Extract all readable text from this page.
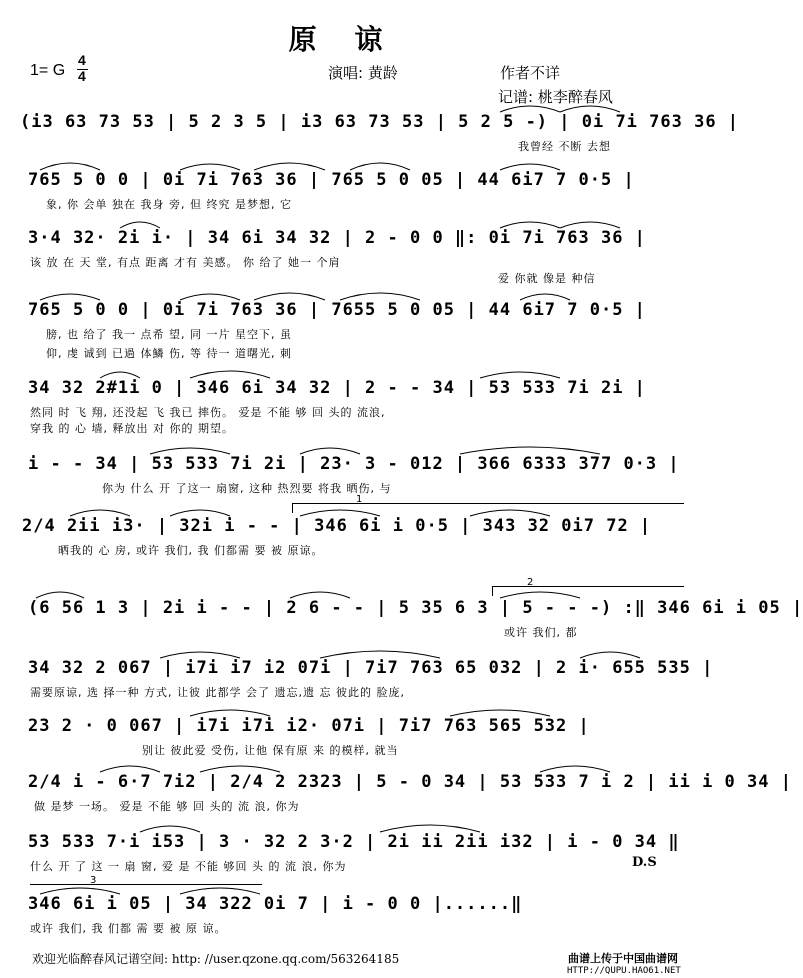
原 谅
1= G
4
4	演唱: 黄龄	作者不详
记谱: 桃李醉春风
(i3 63 73 53 | 5 2 3 5 | i3 63 73 53 | 5 2 5 -) | 0i 7i 763 36 |
我曾经 不断 去想
765 5 0 0 | 0i 7i 763 36 | 765 5 0 05 | 44 6i7 7 0·5 |
象, 你 会单 独在 我身 旁, 但 终究 是梦想, 它
3·4 32· 2i i· | 34 6i 34 32 | 2 - 0 0 ‖: 0i 7i 763 36 |
该 放 在 天 堂, 有点 距离 才有 美感。 你 给了 她一 个肩
爱 你就 像是 种信
765 5 0 0 | 0i 7i 763 36 | 7655 5 0 05 | 44 6i7 7 0·5 |
膀, 也 给了 我一 点希 望, 同 一片 星空下, 虽
仰, 虔 诚到 已過 体鱗 伤, 等 待一 道曙光, 刺
34 32 2#1i 0 | 346 6i 34 32 | 2 - - 34 | 53 533 7i 2i |
然同 时 飞 翔, 还没起 飞 我已 摔伤。 爱是 不能 够 回 头的 流浪,
穿我 的 心 墙, 释放出 对 你的 期望。
i - - 34 | 53 533 7i 2i | 23· 3 - 012 | 366 6333 377 0·3 |
你为 什么 开 了这一 扇窗, 这种 热烈要 将我 晒伤, 与
2/4 2ii i3· | 32i i - - | 346 6i i 0·5 | 343 32 0i7 72 |
晒我的 心 房, 或许 我们, 我 们都需 要 被 原谅。
(6 56 1 3 | 2i i - - | 2 6 - - | 5 35 6 3 | 5 - - -) :‖ 346 6i i 05 |
或许 我们, 都
34 32 2 067 | i7i i7 i2 07i | 7i7 763 65 032 | 2 i· 655 535 |
需要原谅, 选 择一种 方式, 让彼 此都学 会了 遗忘,遗 忘 彼此的 脸庞,
23 2 · 0 067 | i7i i7i i2· 07i | 7i7 763 565 532 |
别让 彼此爱 受伤, 让他 保有原 来 的模样, 就当
2/4 i - 6·7 7i2 | 2/4 2 2323 | 5 - 0 34 | 53 533 7 i 2 | ii i 0 34 |
做 是梦 一场。 爱是 不能 够 回 头的 流 浪, 你为
53 533 7·i i53 | 3 · 32 2 3·2 | 2i ii 2ii i32 | i - 0 34 ‖
什么 开 了 这 一 扇 窗, 爱 是 不能 够回 头 的 流 浪, 你为	D.S
346 6i i 05 | 34 322 0i 7 | i - 0 0 |......‖
或许 我们, 我 们都 需 要 被 原 谅。
1
2
3
欢迎光临醉春风记谱空间: http: //user.qzone.qq.com/563264185	曲谱上传于中国曲谱网
HTTP://QUPU.HAO61.NET
